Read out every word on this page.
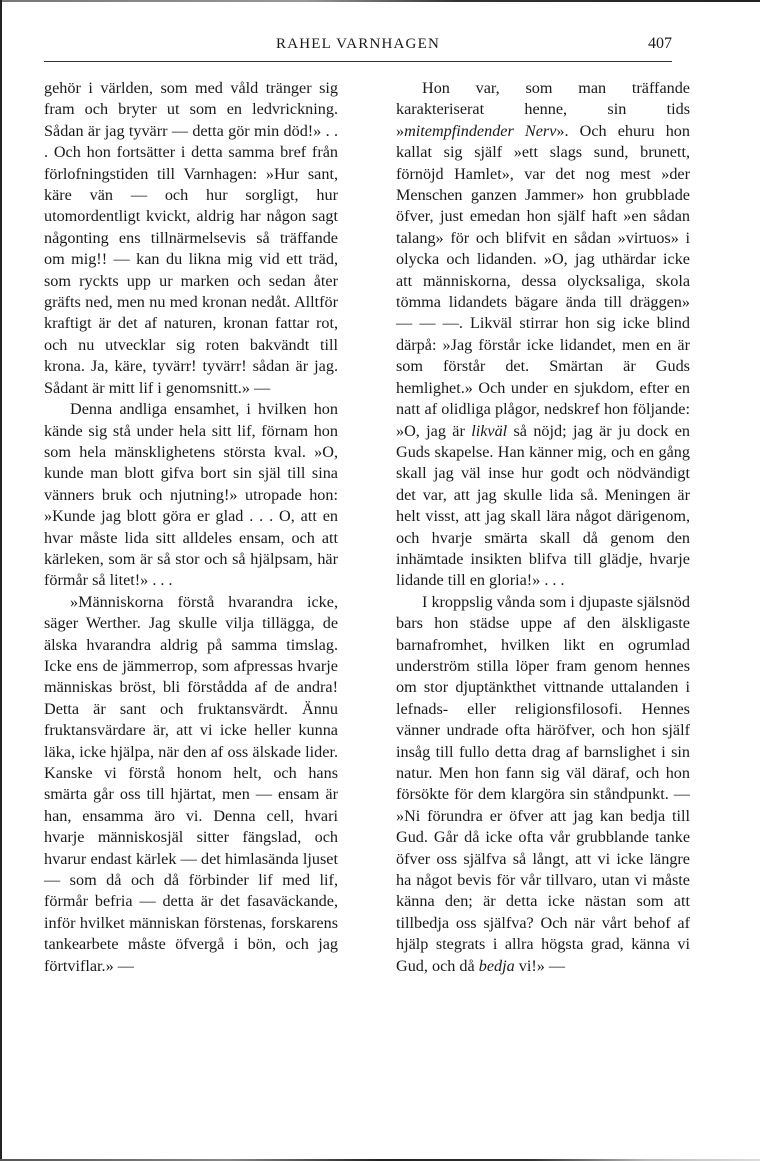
RAHEL VARNHAGEN	407

gehör i världen, som med våld tränger sig fram och bryter ut som en ledvrickning. Sådan är jag tyvärr — detta gör min död!» . . . Och hon fortsätter i detta samma bref från förlofningstiden till Varnhagen: »Hur sant, käre vän — och hur sorgligt, hur utomordentligt kvickt, aldrig har någon sagt någonting ens tillnärmelsevis så träffande om mig!! — kan du likna mig vid ett träd, som ryckts upp ur marken och sedan åter gräfts ned, men nu med kronan nedåt. Alltför kraftigt är det af naturen, kronan fattar rot, och nu utvecklar sig roten bakvändt till krona. Ja, käre, tyvärr! tyvärr! sådan är jag. Sådant är mitt lif i genomsnitt.» —

Denna andliga ensamhet, i hvilken hon kände sig stå under hela sitt lif, förnam hon som hela mänsklighetens största kval. »O, kunde man blott gifva bort sin själ till sina vänners bruk och njutning!» utropade hon: »Kunde jag blott göra er glad . . . O, att en hvar måste lida sitt alldeles ensam, och att kärleken, som är så stor och så hjälpsam, här förmår så litet!» . . .

»Människorna förstå hvarandra icke, säger Werther. Jag skulle vilja tillägga, de älska hvarandra aldrig på samma timslag. Icke ens de jämmerrop, som afpressas hvarje människas bröst, bli förstådda af de andra! Detta är sant och fruktansvärdt. Ännu fruktansvärdare är, att vi icke heller kunna läka, icke hjälpa, när den af oss älskade lider. Kanske vi förstå honom helt, och hans smärta går oss till hjärtat, men — ensam är han, ensamma äro vi. Denna cell, hvari hvarje människosjäl sitter fängslad, och hvarur endast kärlek — det himlasända ljuset — som då och då förbinder lif med lif, förmår befria — detta är det fasaväckande, inför hvilket människan förstenas, forskarens tankearbete måste öfvergå i bön, och jag förtviflar.» —

Hon var, som man träffande karakteriserat henne, sin tids »mitempfindender Nerv». Och ehuru hon kallat sig själf »ett slags sund, brunett, förnöjd Hamlet», var det nog mest »der Menschen ganzen Jammer» hon grubblade öfver, just emedan hon själf haft »en sådan talang» för och blifvit en sådan »virtuos» i olycka och lidanden. »O, jag uthärdar icke att människorna, dessa olycksaliga, skola tömma lidandets bägare ända till dräggen» — — —. Likväl stirrar hon sig icke blind därpå: »Jag förstår icke lidandet, men en är som förstår det. Smärtan är Guds hemlighet.» Och under en sjukdom, efter en natt af olidliga plågor, nedskref hon följande: »O, jag är likväl så nöjd; jag är ju dock en Guds skapelse. Han känner mig, och en gång skall jag väl inse hur godt och nödvändigt det var, att jag skulle lida så. Meningen är helt visst, att jag skall lära något därigenom, och hvarje smärta skall då genom den inhämtade insikten blifva till glädje, hvarje lidande till en gloria!» . . .

I kroppslig vånda som i djupaste själsnöd bars hon städse uppe af den älskligaste barnafromhet, hvilken likt en ogrumlad underström stilla löper fram genom hennes om stor djuptänkthet vittnande uttalanden i lefnads- eller religionsfilosofi. Hennes vänner undrade ofta häröfver, och hon själf insåg till fullo detta drag af barnslighet i sin natur. Men hon fann sig väl däraf, och hon försökte för dem klargöra sin ståndpunkt. — »Ni förundra er öfver att jag kan bedja till Gud. Går då icke ofta vår grubblande tanke öfver oss själfva så långt, att vi icke längre ha något bevis för vår tillvaro, utan vi måste känna den; är detta icke nästan som att tillbedja oss själfva? Och när vårt behof af hjälp stegrats i allra högsta grad, känna vi Gud, och då bedja vi!» —
